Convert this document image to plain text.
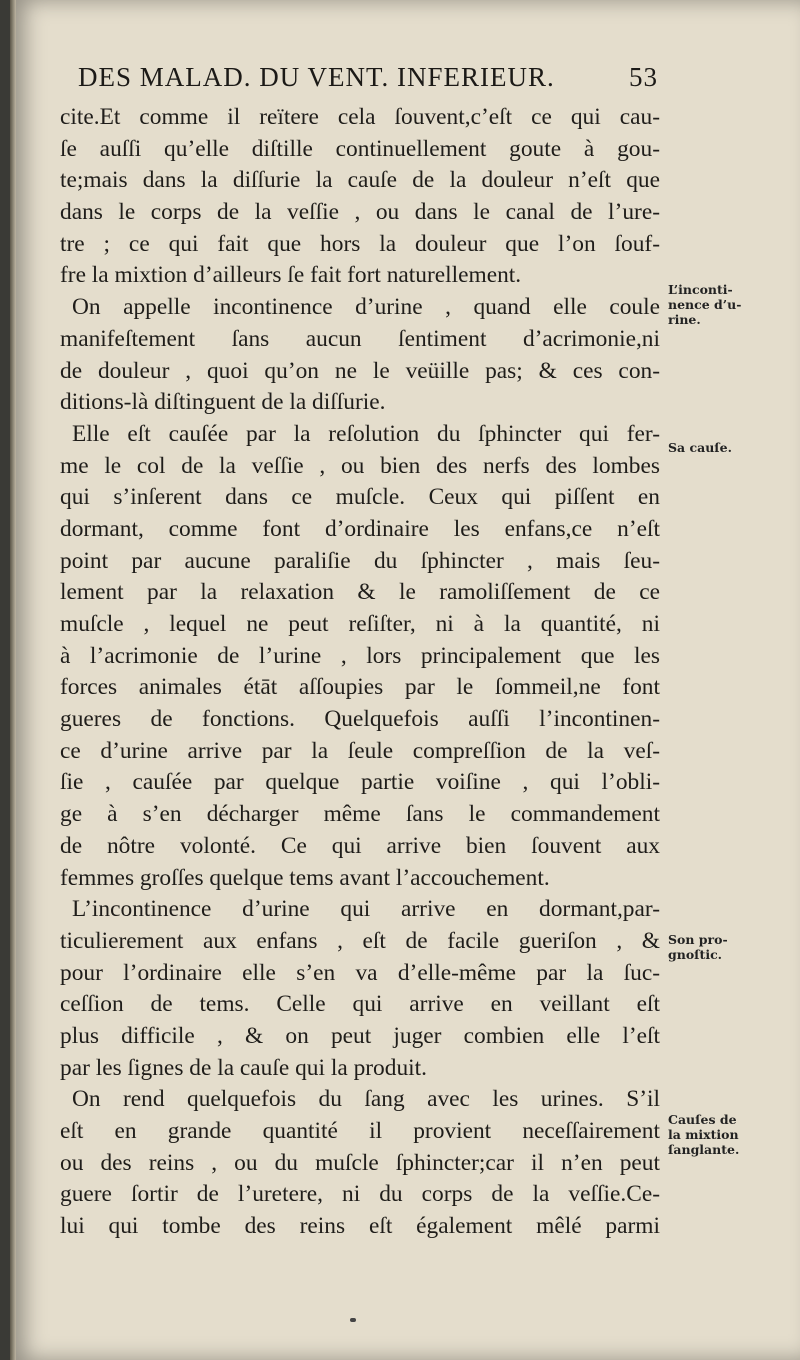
DES MALAD. DU VENT. INFERIEUR.	53
cite.Et comme il reïtere cela ſouvent,c’eſt ce qui cau-
ſe auſſi qu’elle diſtille continuellement goute à gou-
te;mais dans la diſſurie la cauſe de la douleur n’eſt que
dans le corps de la veſſie , ou dans le canal de l’ure-
tre ; ce qui fait que hors la douleur que l’on ſouf-
fre la mixtion d’ailleurs ſe fait fort naturellement.
On appelle incontinence d’urine , quand elle coule
manifeſtement ſans aucun ſentiment d’acrimonie,ni
de douleur , quoi qu’on ne le veüille pas; & ces con-
ditions-là diſtinguent de la diſſurie.
Elle eſt cauſée par la reſolution du ſphincter qui fer-
me le col de la veſſie , ou bien des nerfs des lombes
qui s’inſerent dans ce muſcle. Ceux qui piſſent en
dormant, comme font d’ordinaire les enfans,ce n’eſt
point par aucune paraliſie du ſphincter , mais ſeu-
lement par la relaxation & le ramoliſſement de ce
muſcle , lequel ne peut reſiſter, ni à la quantité, ni
à l’acrimonie de l’urine , lors principalement que les
forces animales étāt aſſoupies par le ſommeil,ne font
gueres de fonctions. Quelquefois auſſi l’incontinen-
ce d’urine arrive par la ſeule compreſſion de la veſ-
ſie , cauſée par quelque partie voiſine , qui l’obli-
ge à s’en décharger même ſans le commandement
de nôtre volonté. Ce qui arrive bien ſouvent aux
femmes groſſes quelque tems avant l’accouchement.
L’incontinence d’urine qui arrive en dormant,par-
ticulierement aux enfans , eſt de facile gueriſon , &
pour l’ordinaire elle s’en va d’elle-même par la ſuc-
ceſſion de tems. Celle qui arrive en veillant eſt
plus difficile , & on peut juger combien elle l’eſt
par les ſignes de la cauſe qui la produit.
On rend quelquefois du ſang avec les urines. S’il
eſt en grande quantité il provient neceſſairement
ou des reins , ou du muſcle ſphincter;car il n’en peut
guere ſortir de l’uretere, ni du corps de la veſſie.Ce-
lui qui tombe des reins eſt également mêlé parmi
L’inconti-
nence d’u-
rine.
Sa cauſe.
Son pro-
gnoſtic.
Cauſes de
la mixtion
ſanglante.
